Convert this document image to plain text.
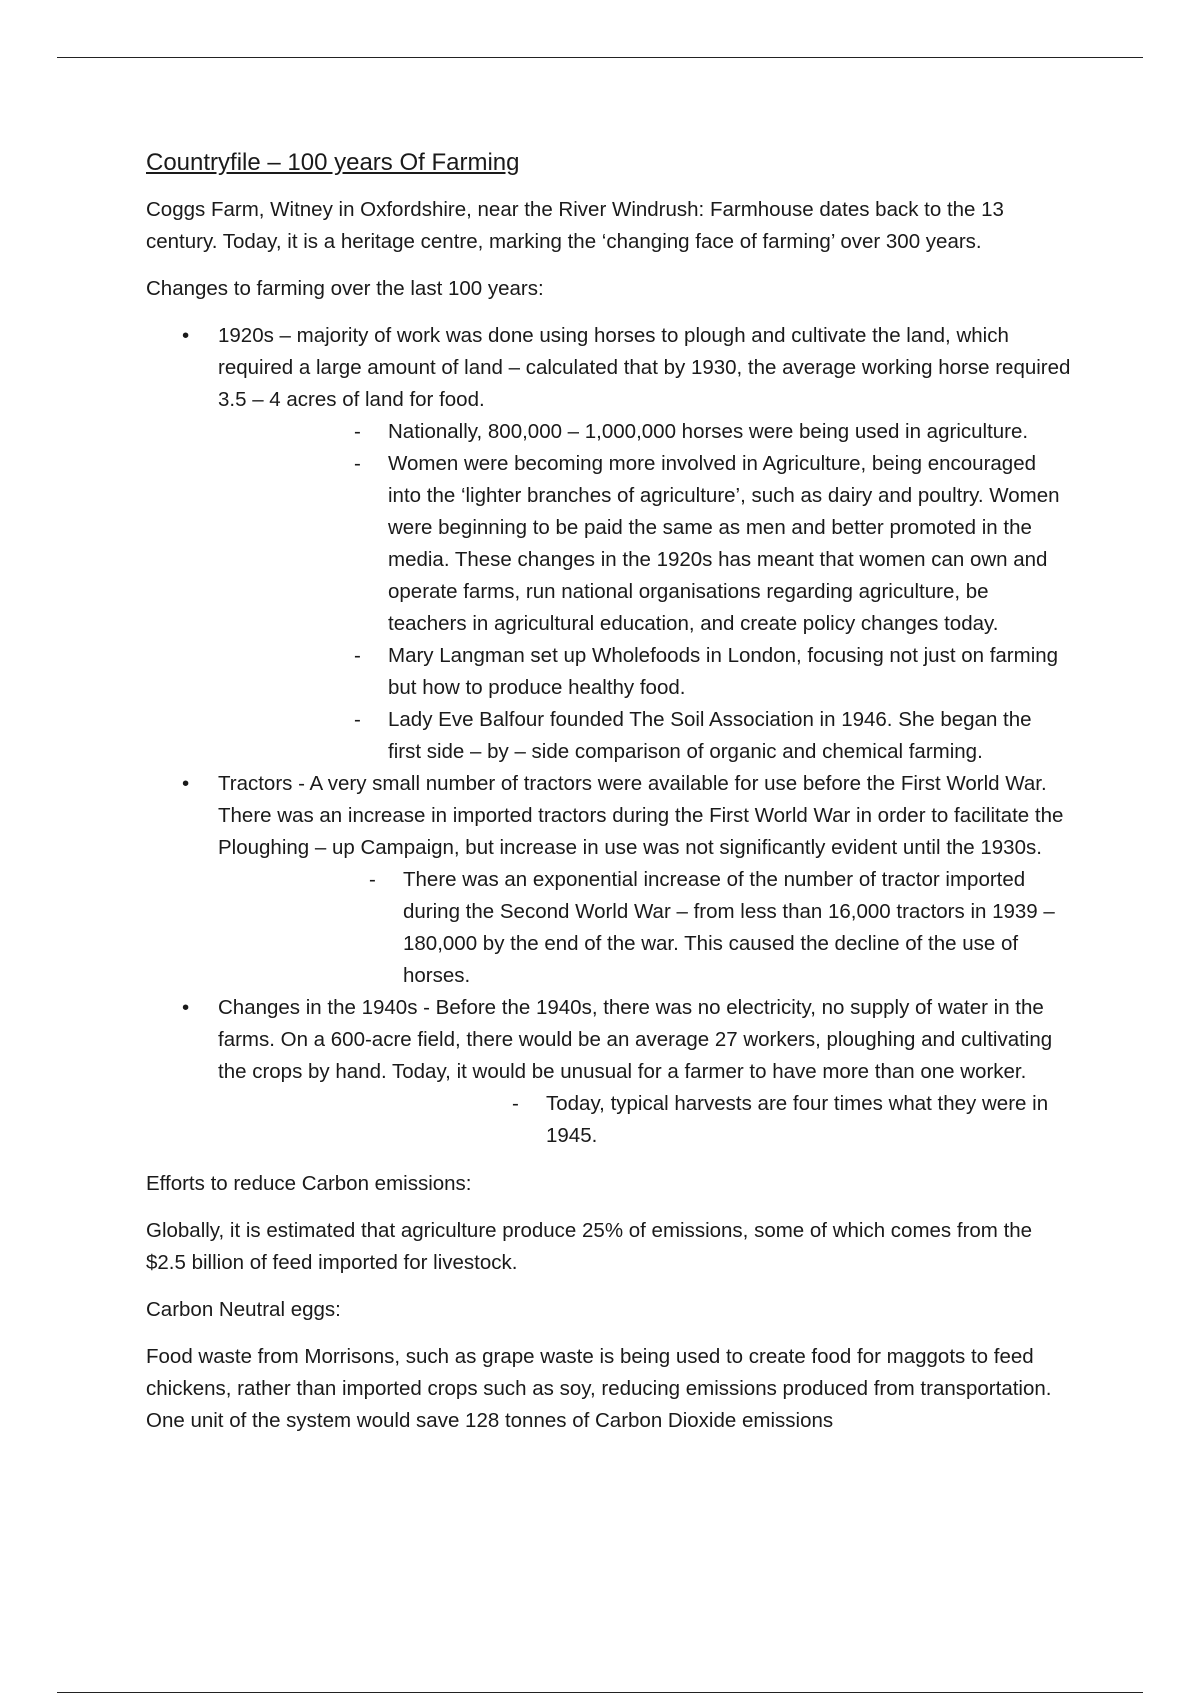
Countryfile – 100 years Of Farming

Coggs Farm, Witney in Oxfordshire, near the River Windrush: Farmhouse dates back to the 13 century. Today, it is a heritage centre, marking the ‘changing face of farming’ over 300 years.

Changes to farming over the last 100 years:

• 1920s – majority of work was done using horses to plough and cultivate the land, which required a large amount of land – calculated that by 1930, the average working horse required 3.5 – 4 acres of land for food.
- Nationally, 800,000 – 1,000,000 horses were being used in agriculture.
- Women were becoming more involved in Agriculture, being encouraged into the ‘lighter branches of agriculture’, such as dairy and poultry. Women were beginning to be paid the same as men and better promoted in the media. These changes in the 1920s has meant that women can own and operate farms, run national organisations regarding agriculture, be teachers in agricultural education, and create policy changes today.
- Mary Langman set up Wholefoods in London, focusing not just on farming but how to produce healthy food.
- Lady Eve Balfour founded The Soil Association in 1946. She began the first side – by – side comparison of organic and chemical farming.
• Tractors - A very small number of tractors were available for use before the First World War. There was an increase in imported tractors during the First World War in order to facilitate the Ploughing – up Campaign, but increase in use was not significantly evident until the 1930s.
- There was an exponential increase of the number of tractor imported during the Second World War – from less than 16,000 tractors in 1939 – 180,000 by the end of the war. This caused the decline of the use of horses.
• Changes in the 1940s - Before the 1940s, there was no electricity, no supply of water in the farms. On a 600-acre field, there would be an average 27 workers, ploughing and cultivating the crops by hand. Today, it would be unusual for a farmer to have more than one worker.
- Today, typical harvests are four times what they were in 1945.

Efforts to reduce Carbon emissions:

Globally, it is estimated that agriculture produce 25% of emissions, some of which comes from the $2.5 billion of feed imported for livestock.

Carbon Neutral eggs:

Food waste from Morrisons, such as grape waste is being used to create food for maggots to feed chickens, rather than imported crops such as soy, reducing emissions produced from transportation. One unit of the system would save 128 tonnes of Carbon Dioxide emissions
